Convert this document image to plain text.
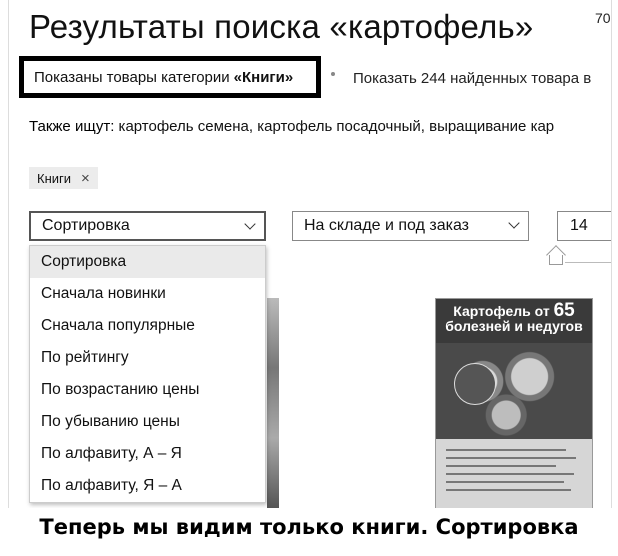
Результаты поиска «картофель»	70
Показаны товары категории «Книги»	Показать 244 найденных товара в
Также ищут: картофель семена, картофель посадочный, выращивание кар
Книги ×
Сортировка	На складе и под заказ	14
Картофель от 65
болезней и недугов
Сортировка
Сначала новинки
Сначала популярные
По рейтингу
По возрастанию цены
По убыванию цены
По алфавиту, А – Я
По алфавиту, Я – А
Теперь мы видим только книги. Сортировка
